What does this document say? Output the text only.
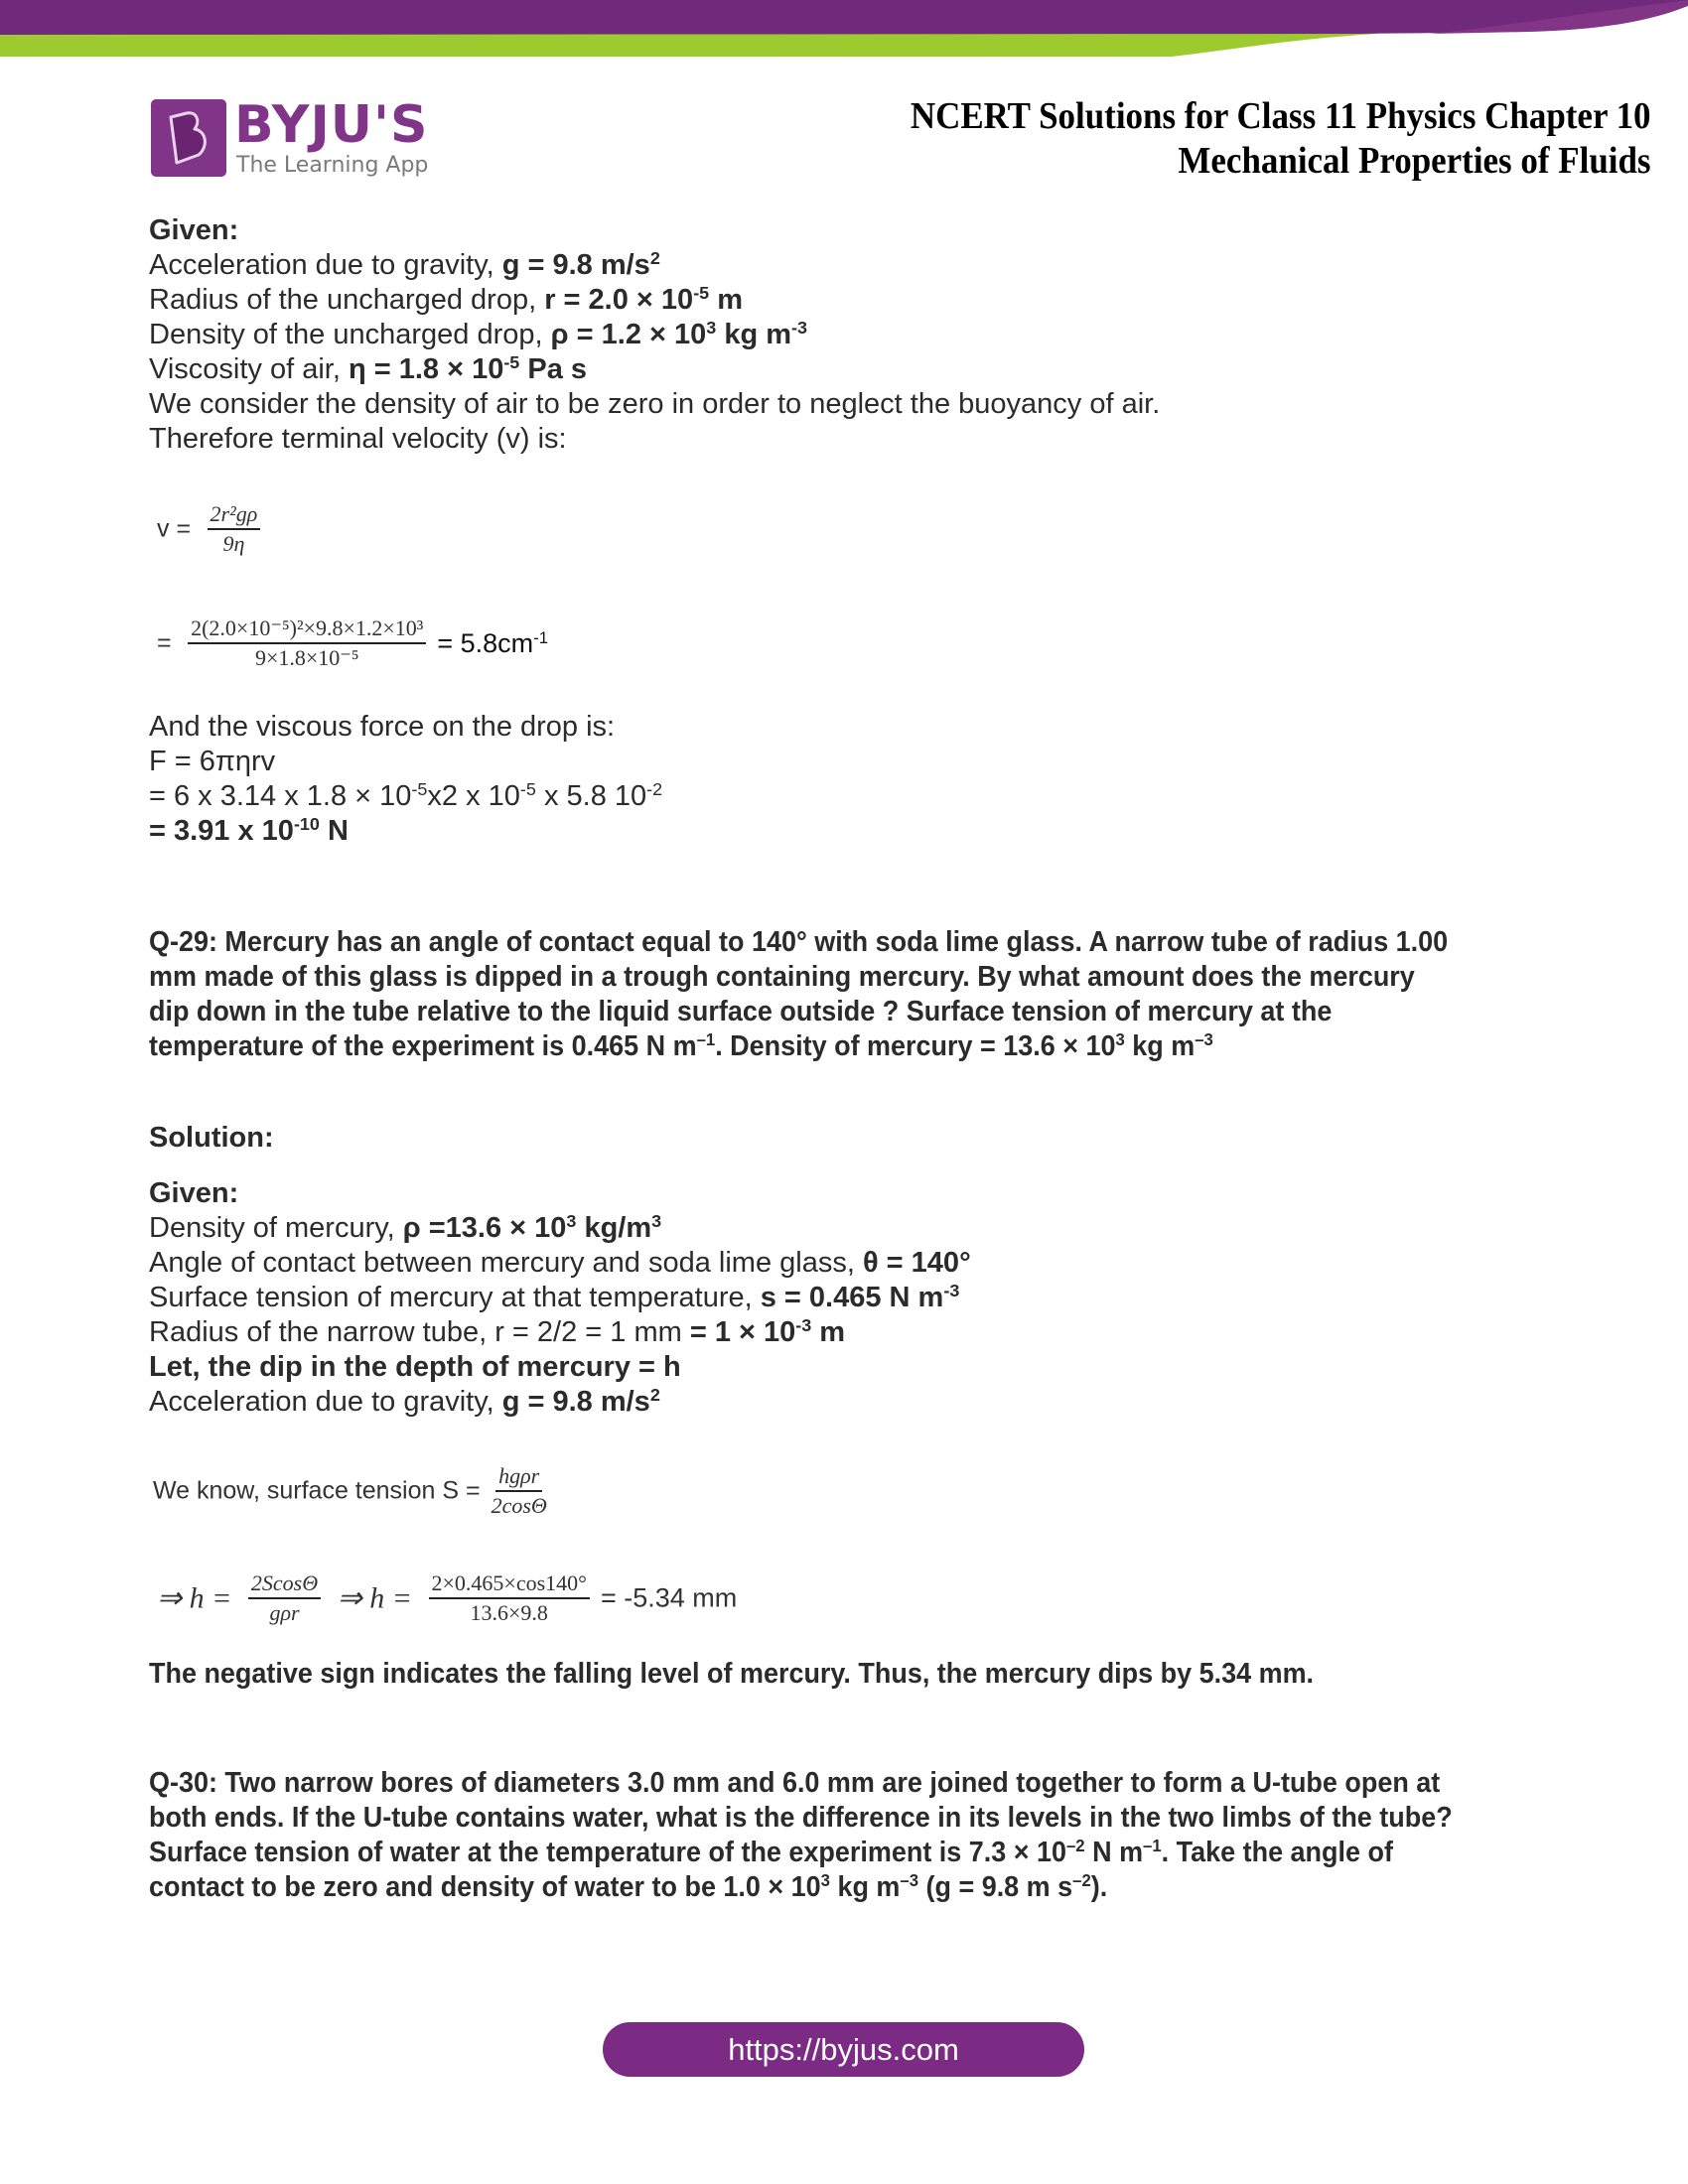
BYJU'S
The Learning App
NCERT Solutions for Class 11 Physics Chapter 10
Mechanical Properties of Fluids
Given:
Acceleration due to gravity, g = 9.8 $m/s^2$
Radius of the uncharged drop, $r = 2.0 \times 10^{-5}$ m
Density of the uncharged drop, $\rho = 1.2 \times 10^3$ kg $m^{-3}$
Viscosity of air, $\eta = 1.8 \times 10^{-5}$ Pa s
We consider the density of air to be zero in order to neglect the buoyancy of air.
Therefore terminal velocity (v) is:
$v = \frac{\text{2r²gρ}}{9\eta}$
= $\frac{\text{2(2.0×10⁻⁵)²×9.8×1.2×10³}}{\text{9×1.8×10⁻⁵}} = 5.8cm^{-1}$
And the viscous force on the drop is:
F = 6πηrv
= 6 x 3.14 x $1.8 \times 10^{-5}x2$ x $10^{-5}$ x 5.8 $10^{-2}$
= 3.91 x $10^{-10}$ N
Q-29: Mercury has an angle of contact equal to 140° with soda lime glass. A narrow tube of radius 1.00 mm made of this glass is dipped in a trough containing mercury. By what amount does the mercury dip down in the tube relative to the liquid surface outside ? Surface tension of mercury at the temperature of the experiment is 0.465 N $m^{-1}$. Density of mercury = $13.6 \times 10^3$ kg $m^{-3}$
Solution:
Given:
Density of mercury, $\rho =13.6 \times 10^3$ $kg/m^3$
Angle of contact between mercury and soda lime glass, θ = 140°
Surface tension of mercury at that temperature, s = 0.465 N $m^{-3}$
Radius of the narrow tube, r = 2/2 = 1 mm = $1 \times 10^{-3}$ m
Let, the dip in the depth of mercury = h
Acceleration due to gravity, g = 9.8 $m/s^2$
We know, surface tension $S = \frac{\text{hgρr}}{2\cos\Theta}$
⇒ $h = \frac{2Scos\Theta}{\text{gρr}}$ ⇒ $h = \frac{2\times 0.465\times\cos 140^\circ}{13.6\times 9.8} = -5.34$ mm
The negative sign indicates the falling level of mercury. Thus, the mercury dips by 5.34 mm.
Q-30: Two narrow bores of diameters 3.0 mm and 6.0 mm are joined together to form a U-tube open at both ends. If the U-tube contains water, what is the difference in its levels in the two limbs of the tube? Surface tension of water at the temperature of the experiment is $7.3 \times 10^{-2}$ N $m^{-1}$. Take the angle of contact to be zero and density of water to be $1.0 \times 10^3$ kg $m^{-3}$ (g = 9.8 m $s^{-2}$).
https://byjus.com
